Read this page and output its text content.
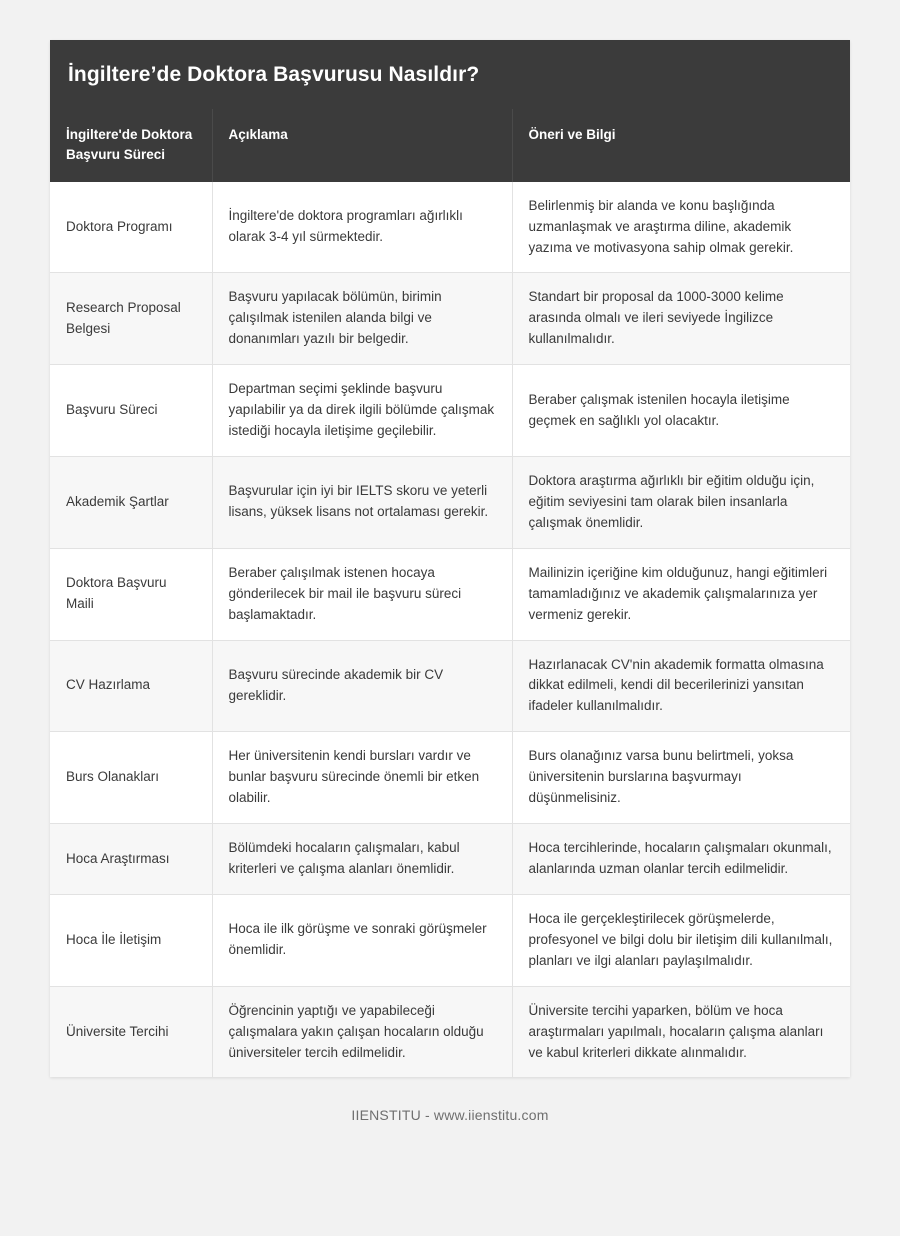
İngiltere’de Doktora Başvurusu Nasıldır?
İngiltere'de Doktora Başvuru Süreci	Açıklama	Öneri ve Bilgi
Doktora Programı	İngiltere'de doktora programları ağırlıklı olarak 3-4 yıl sürmektedir.	Belirlenmiş bir alanda ve konu başlığında uzmanlaşmak ve araştırma diline, akademik yazıma ve motivasyona sahip olmak gerekir.
Research Proposal Belgesi	Başvuru yapılacak bölümün, birimin çalışılmak istenilen alanda bilgi ve donanımları yazılı bir belgedir.	Standart bir proposal da 1000-3000 kelime arasında olmalı ve ileri seviyede İngilizce kullanılmalıdır.
Başvuru Süreci	Departman seçimi şeklinde başvuru yapılabilir ya da direk ilgili bölümde çalışmak istediği hocayla iletişime geçilebilir.	Beraber çalışmak istenilen hocayla iletişime geçmek en sağlıklı yol olacaktır.
Akademik Şartlar	Başvurular için iyi bir IELTS skoru ve yeterli lisans, yüksek lisans not ortalaması gerekir.	Doktora araştırma ağırlıklı bir eğitim olduğu için, eğitim seviyesini tam olarak bilen insanlarla çalışmak önemlidir.
Doktora Başvuru Maili	Beraber çalışılmak istenen hocaya gönderilecek bir mail ile başvuru süreci başlamaktadır.	Mailinizin içeriğine kim olduğunuz, hangi eğitimleri tamamladığınız ve akademik çalışmalarınıza yer vermeniz gerekir.
CV Hazırlama	Başvuru sürecinde akademik bir CV gereklidir.	Hazırlanacak CV'nin akademik formatta olmasına dikkat edilmeli, kendi dil becerilerinizi yansıtan ifadeler kullanılmalıdır.
Burs Olanakları	Her üniversitenin kendi bursları vardır ve bunlar başvuru sürecinde önemli bir etken olabilir.	Burs olanağınız varsa bunu belirtmeli, yoksa üniversitenin burslarına başvurmayı düşünmelisiniz.
Hoca Araştırması	Bölümdeki hocaların çalışmaları, kabul kriterleri ve çalışma alanları önemlidir.	Hoca tercihlerinde, hocaların çalışmaları okunmalı, alanlarında uzman olanlar tercih edilmelidir.
Hoca İle İletişim	Hoca ile ilk görüşme ve sonraki görüşmeler önemlidir.	Hoca ile gerçekleştirilecek görüşmelerde, profesyonel ve bilgi dolu bir iletişim dili kullanılmalı, planları ve ilgi alanları paylaşılmalıdır.
Üniversite Tercihi	Öğrencinin yaptığı ve yapabileceği çalışmalara yakın çalışan hocaların olduğu üniversiteler tercih edilmelidir.	Üniversite tercihi yaparken, bölüm ve hoca araştırmaları yapılmalı, hocaların çalışma alanları ve kabul kriterleri dikkate alınmalıdır.
IIENSTITU - www.iienstitu.com
